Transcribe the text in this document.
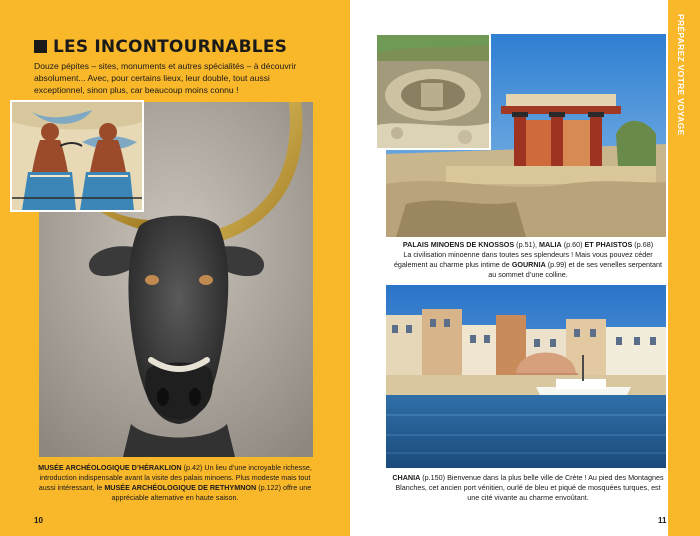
LES INCONTOURNABLES
Douze pépites – sites, monuments et autres spécialités – à découvrir absolument... Avec, pour certains lieux, leur double, tout aussi exceptionnel, sinon plus, car beaucoup moins connu !
MUSÉE ARCHÉOLOGIQUE D’HÉRAKLION (p.42) Un lieu d’une incroyable richesse, introduction indispensable avant la visite des palais minoens. Plus modeste mais tout aussi intéressant, le MUSÉE ARCHÉOLOGIQUE DE RETHYMNON (p.122) offre une appréciable alternative en haute saison.
10
PRÉPAREZ VOTRE VOYAGE
PALAIS MINOENS DE KNOSSOS (p.51), MALIA (p.60) ET PHAISTOS (p.68)
La civilisation minoenne dans toutes ses splendeurs ! Mais vous pouvez céder également au charme plus intime de GOURNIA (p.99) et de ses venelles serpentant au sommet d’une colline.
CHANIA (p.150) Bienvenue dans la plus belle ville de Crète ! Au pied des Montagnes Blanches, cet ancien port vénitien, ourlé de bleu et piqué de mosquées turques, est une cité vivante au charme envoûtant.
11
